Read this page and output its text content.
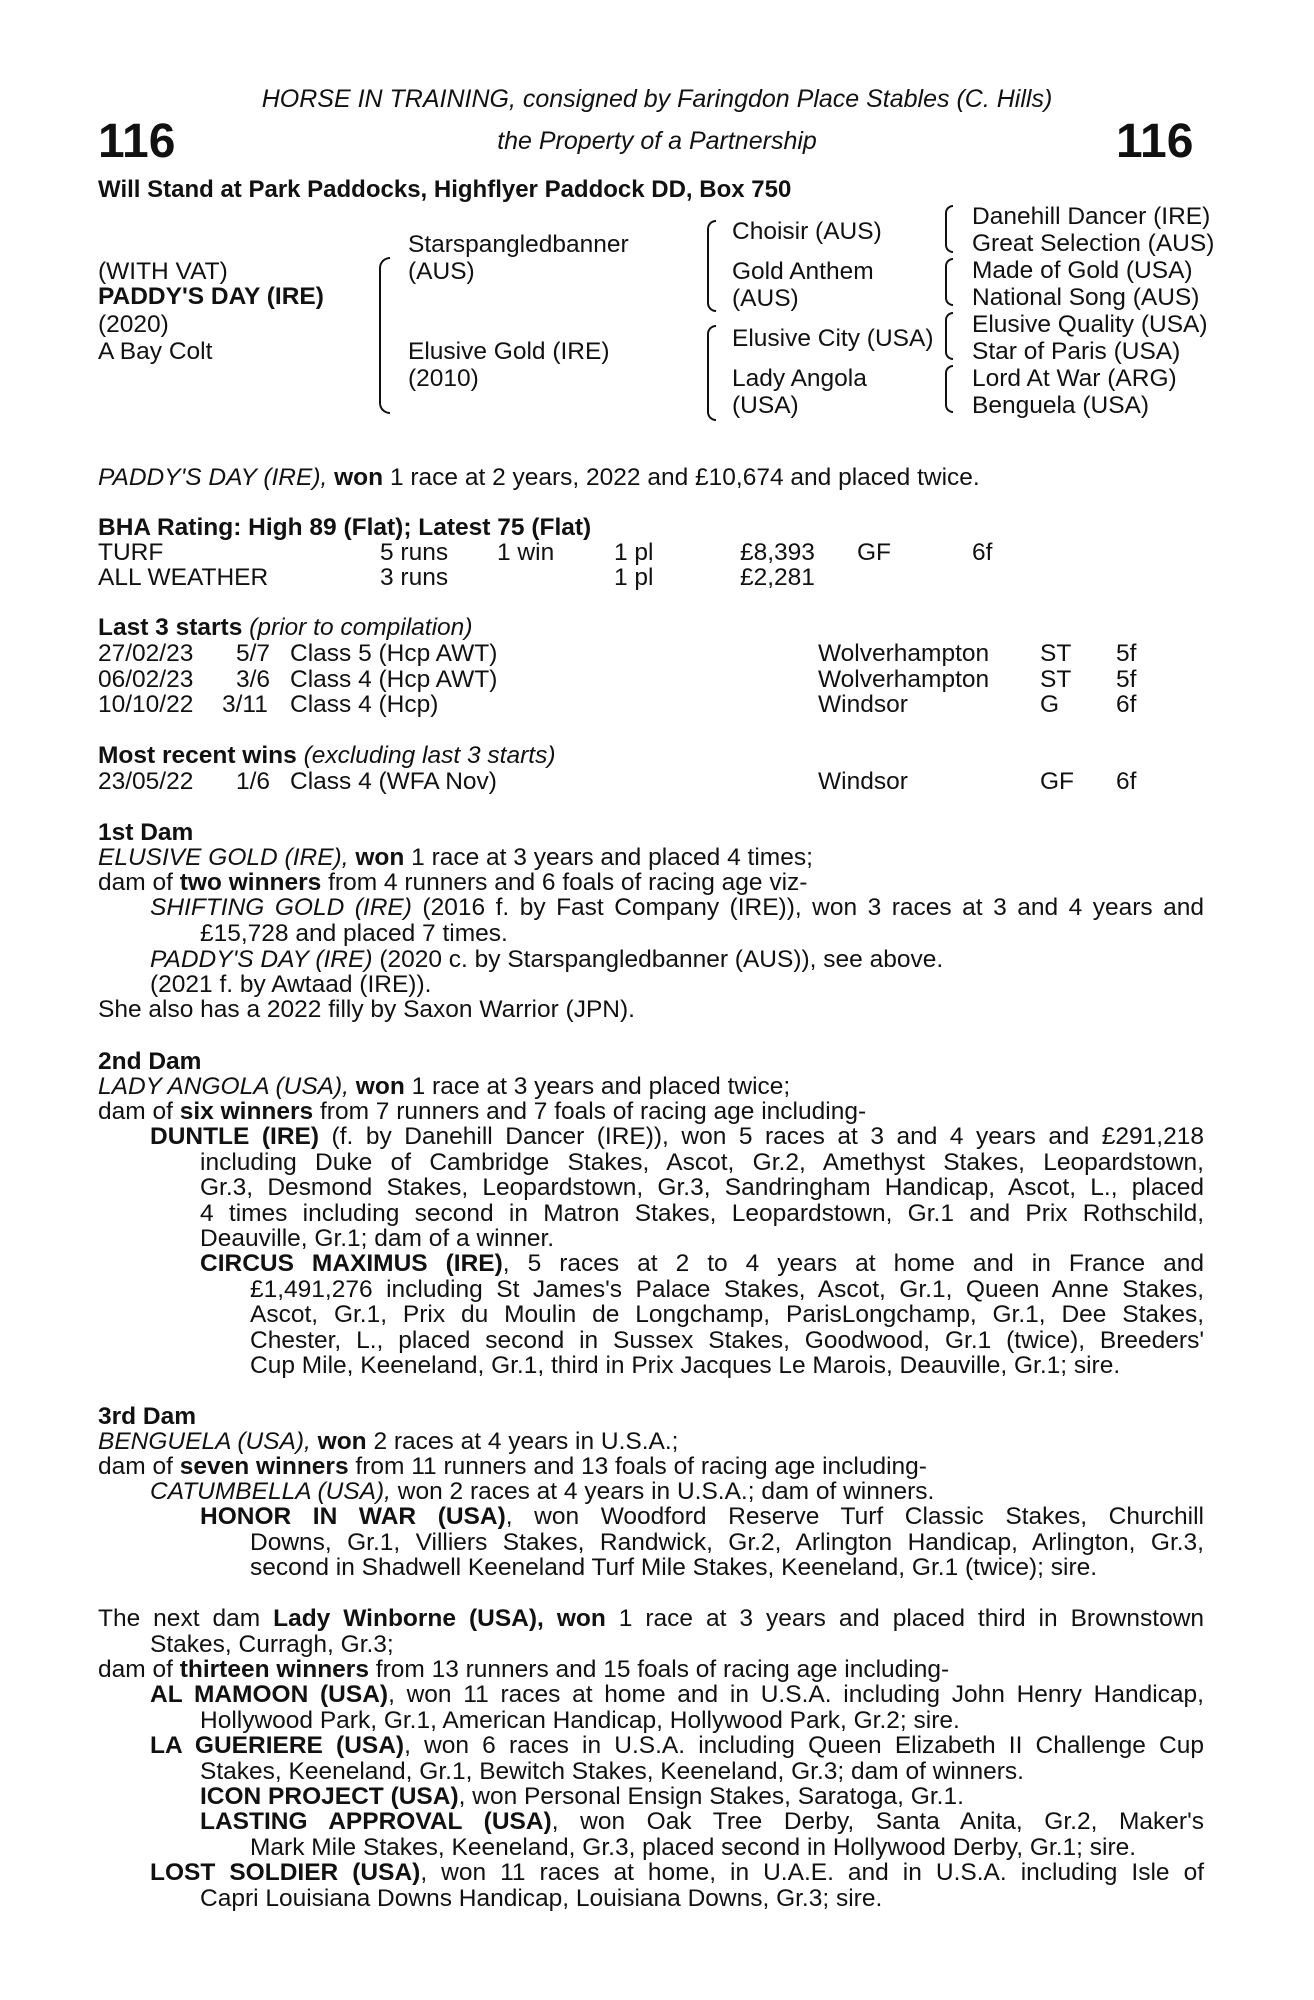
116	116
HORSE IN TRAINING, consigned by Faringdon Place Stables (C. Hills)
the Property of a Partnership
Will Stand at Park Paddocks, Highflyer Paddock DD, Box 750
(WITH VAT)
PADDY'S DAY (IRE)
(2020)
A Bay Colt
Starspangledbanner
(AUS)
Elusive Gold (IRE)
(2010)
Choisir (AUS)
Gold Anthem
(AUS)
Elusive City (USA)
Lady Angola
(USA)
Danehill Dancer (IRE)
Great Selection (AUS)
Made of Gold (USA)
National Song (AUS)
Elusive Quality (USA)
Star of Paris (USA)
Lord At War (ARG)
Benguela (USA)
PADDY'S DAY (IRE), won 1 race at 2 years, 2022 and £10,674 and placed twice.
BHA Rating: High 89 (Flat); Latest 75 (Flat)
TURF	5 runs 1 win 1 pl	£8,393 GF	6f
ALL WEATHER	3 runs	1 pl	£2,281
Last 3 starts (prior to compilation)
27/02/23 5/7 Class 5 (Hcp AWT)	Wolverhampton ST 5f
06/02/23 3/6 Class 4 (Hcp AWT)	Wolverhampton ST 5f
10/10/22 3/11 Class 4 (Hcp)	Windsor	G 6f
Most recent wins (excluding last 3 starts)
23/05/22 1/6 Class 4 (WFA Nov)	Windsor	GF 6f
1st Dam
ELUSIVE GOLD (IRE), won 1 race at 3 years and placed 4 times;
dam of two winners from 4 runners and 6 foals of racing age viz-
SHIFTING GOLD (IRE) (2016 f. by Fast Company (IRE)), won 3 races at 3 and 4 years and
£15,728 and placed 7 times.
PADDY'S DAY (IRE) (2020 c. by Starspangledbanner (AUS)), see above.
(2021 f. by Awtaad (IRE)).
She also has a 2022 filly by Saxon Warrior (JPN).
2nd Dam
LADY ANGOLA (USA), won 1 race at 3 years and placed twice;
dam of six winners from 7 runners and 7 foals of racing age including-
DUNTLE (IRE) (f. by Danehill Dancer (IRE)), won 5 races at 3 and 4 years and £291,218
including Duke of Cambridge Stakes, Ascot, Gr.2, Amethyst Stakes, Leopardstown,
Gr.3, Desmond Stakes, Leopardstown, Gr.3, Sandringham Handicap, Ascot, L., placed
4 times including second in Matron Stakes, Leopardstown, Gr.1 and Prix Rothschild,
Deauville, Gr.1; dam of a winner.
CIRCUS MAXIMUS (IRE), 5 races at 2 to 4 years at home and in France and
£1,491,276 including St James's Palace Stakes, Ascot, Gr.1, Queen Anne Stakes,
Ascot, Gr.1, Prix du Moulin de Longchamp, ParisLongchamp, Gr.1, Dee Stakes,
Chester, L., placed second in Sussex Stakes, Goodwood, Gr.1 (twice), Breeders'
Cup Mile, Keeneland, Gr.1, third in Prix Jacques Le Marois, Deauville, Gr.1; sire.
3rd Dam
BENGUELA (USA), won 2 races at 4 years in U.S.A.;
dam of seven winners from 11 runners and 13 foals of racing age including-
CATUMBELLA (USA), won 2 races at 4 years in U.S.A.; dam of winners.
HONOR IN WAR (USA), won Woodford Reserve Turf Classic Stakes, Churchill
Downs, Gr.1, Villiers Stakes, Randwick, Gr.2, Arlington Handicap, Arlington, Gr.3,
second in Shadwell Keeneland Turf Mile Stakes, Keeneland, Gr.1 (twice); sire.
The next dam Lady Winborne (USA), won 1 race at 3 years and placed third in Brownstown
Stakes, Curragh, Gr.3;
dam of thirteen winners from 13 runners and 15 foals of racing age including-
AL MAMOON (USA), won 11 races at home and in U.S.A. including John Henry Handicap,
Hollywood Park, Gr.1, American Handicap, Hollywood Park, Gr.2; sire.
LA GUERIERE (USA), won 6 races in U.S.A. including Queen Elizabeth II Challenge Cup
Stakes, Keeneland, Gr.1, Bewitch Stakes, Keeneland, Gr.3; dam of winners.
ICON PROJECT (USA), won Personal Ensign Stakes, Saratoga, Gr.1.
LASTING APPROVAL (USA), won Oak Tree Derby, Santa Anita, Gr.2, Maker's
Mark Mile Stakes, Keeneland, Gr.3, placed second in Hollywood Derby, Gr.1; sire.
LOST SOLDIER (USA), won 11 races at home, in U.A.E. and in U.S.A. including Isle of
Capri Louisiana Downs Handicap, Louisiana Downs, Gr.3; sire.
